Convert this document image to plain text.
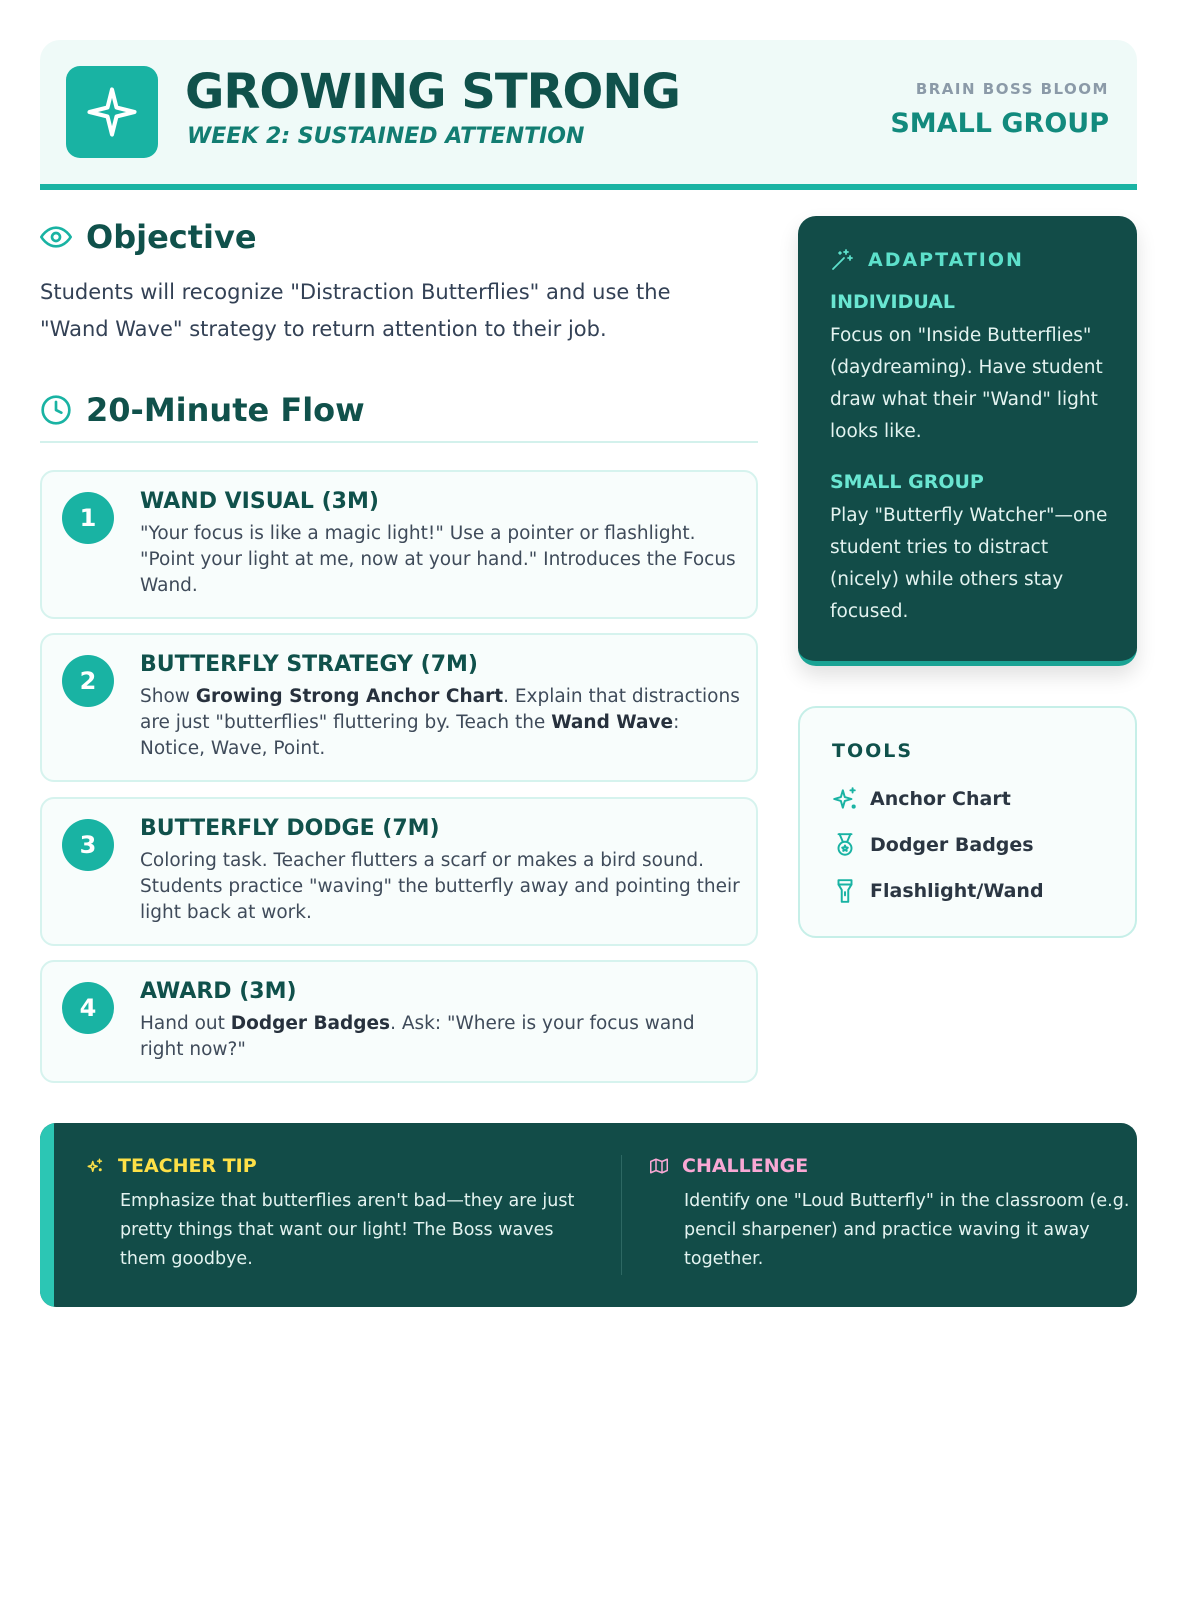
GROWING STRONG
WEEK 2: SUSTAINED ATTENTION
BRAIN BOSS BLOOM
SMALL GROUP
Objective
Students will recognize "Distraction Butterflies" and use the "Wand Wave" strategy to return attention to their job.
20-Minute Flow
1
WAND VISUAL (3M)
"Your focus is like a magic light!" Use a pointer or flashlight. "Point your light at me, now at your hand." Introduces the Focus Wand.
2
BUTTERFLY STRATEGY (7M)
Show Growing Strong Anchor Chart. Explain that distractions are just "butterflies" fluttering by. Teach the Wand Wave: Notice, Wave, Point.
3
BUTTERFLY DODGE (7M)
Coloring task. Teacher flutters a scarf or makes a bird sound. Students practice "waving" the butterfly away and pointing their light back at work.
4
AWARD (3M)
Hand out Dodger Badges. Ask: "Where is your focus wand right now?"
ADAPTATION
INDIVIDUAL
Focus on "Inside Butterflies" (daydreaming). Have student draw what their "Wand" light looks like.
SMALL GROUP
Play "Butterfly Watcher"—one student tries to distract (nicely) while others stay focused.
TOOLS
Anchor Chart
Dodger Badges
Flashlight/Wand
TEACHER TIP
Emphasize that butterflies aren't bad—they are just pretty things that want our light! The Boss waves them goodbye.
CHALLENGE
Identify one "Loud Butterfly" in the classroom (e.g. pencil sharpener) and practice waving it away together.
